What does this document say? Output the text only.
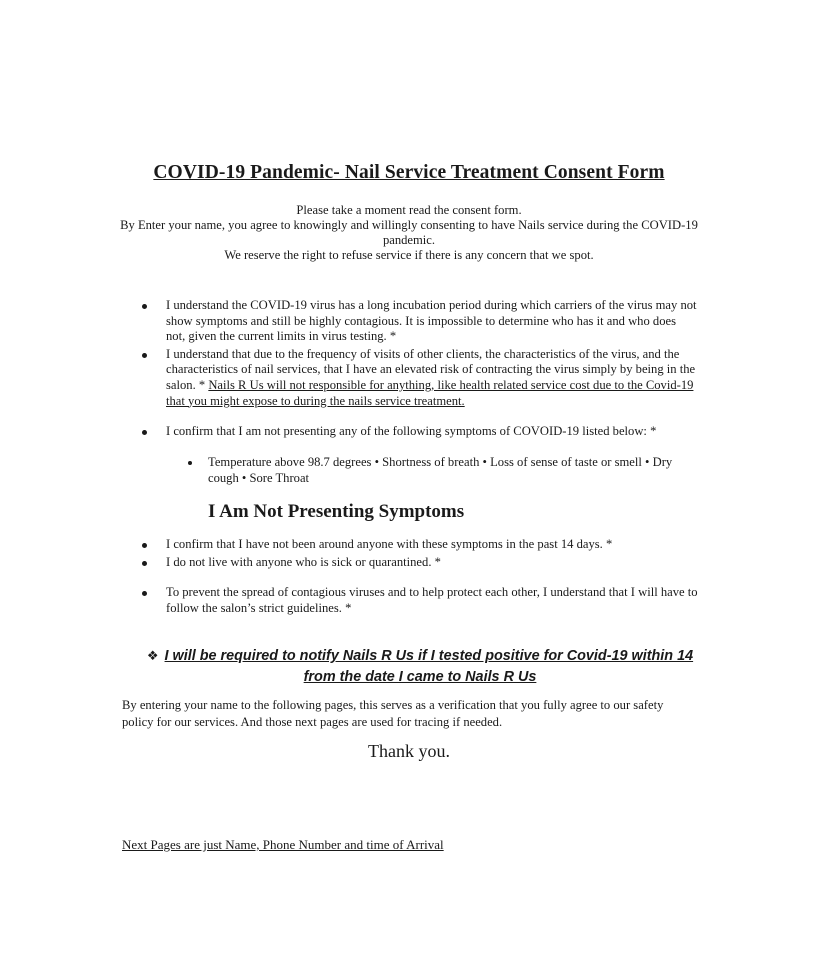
COVID-19 Pandemic- Nail Service Treatment Consent Form

Please take a moment read the consent form.

By Enter your name, you agree to knowingly and willingly consenting to have Nails service during the COVID-19 pandemic.

We reserve the right to refuse service if there is any concern that we spot.

I understand the COVID-19 virus has a long incubation period during which carriers of the virus may not show symptoms and still be highly contagious. It is impossible to determine who has it and who does not, given the current limits in virus testing. *
I understand that due to the frequency of visits of other clients, the characteristics of the virus, and the characteristics of nail services, that I have an elevated risk of contracting the virus simply by being in the salon. * Nails R Us will not responsible for anything, like health related service cost due to the Covid-19 that you might expose to during the nails service treatment.
I confirm that I am not presenting any of the following symptoms of COVOID-19 listed below: *
Temperature above 98.7 degrees • Shortness of breath • Loss of sense of taste or smell • Dry cough • Sore Throat
I Am Not Presenting Symptoms
I confirm that I have not been around anyone with these symptoms in the past 14 days. *
I do not live with anyone who is sick or quarantined. *
To prevent the spread of contagious viruses and to help protect each other, I understand that I will have to follow the salon’s strict guidelines. *
❖ I will be required to notify Nails R Us if I tested positive for Covid-19 within 14 from the date I came to Nails R Us

By entering your name to the following pages, this serves as a verification that you fully agree to our safety policy for our services. And those next pages are used for tracing if needed.

Thank you.
Next Pages are just Name, Phone Number and time of Arrival
